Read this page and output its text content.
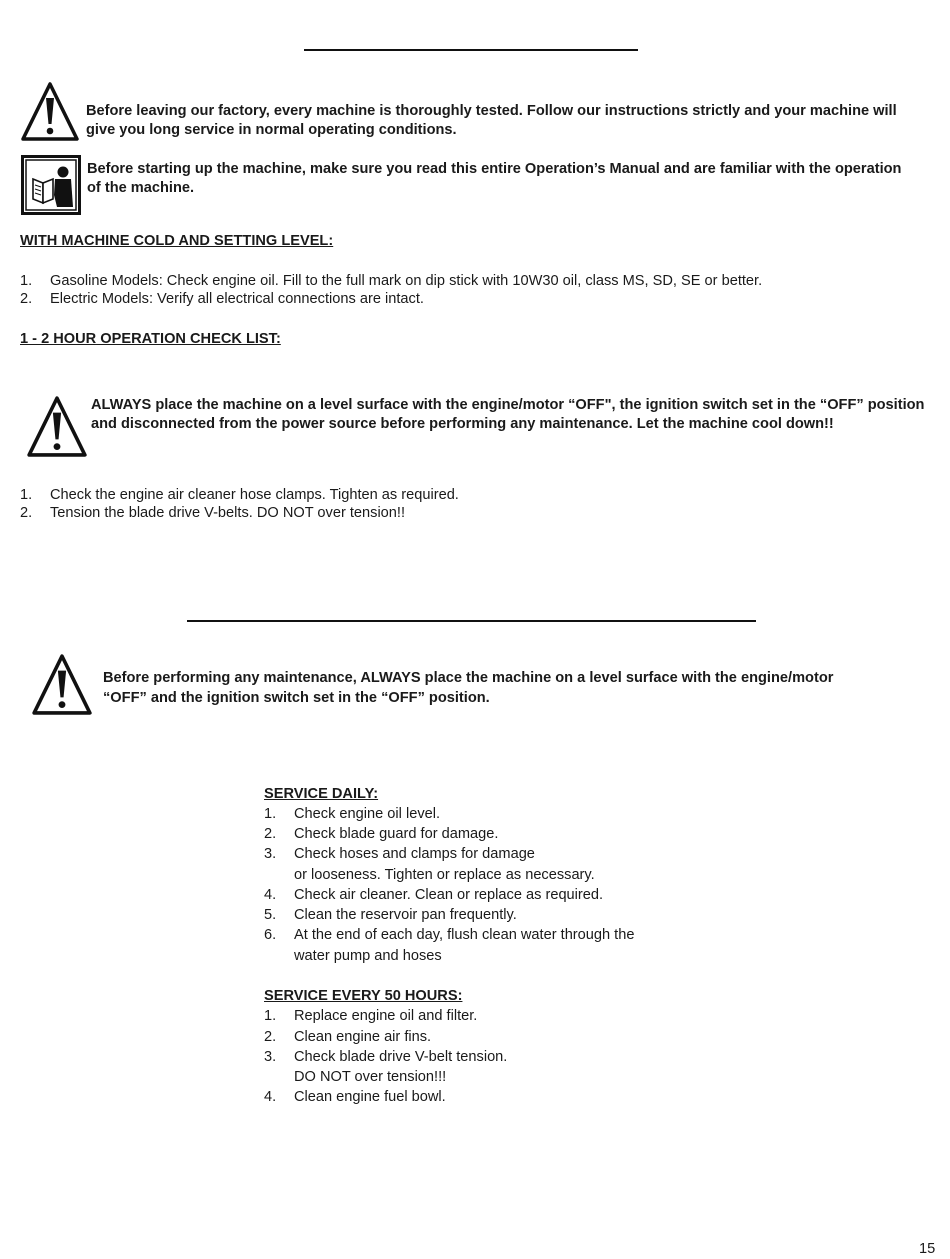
Before leaving our factory, every machine is thoroughly tested. Follow our instructions strictly and your machine will give you long service in normal operating conditions.
Before starting up the machine, make sure you read this entire Operation’s Manual and are familiar with the operation of the machine.
WITH MACHINE COLD AND SETTING LEVEL:
1. Gasoline Models: Check engine oil. Fill to the full mark on dip stick with 10W30 oil, class MS, SD, SE or better.
2. Electric Models: Verify all electrical connections are intact.
1 - 2 HOUR OPERATION CHECK LIST:
ALWAYS place the machine on a level surface with the engine/motor “OFF", the ignition switch set in the “OFF” position and disconnected from the power source before performing any maintenance. Let the machine cool down!!
1. Check the engine air cleaner hose clamps. Tighten as required.
2. Tension the blade drive V-belts. DO NOT over tension!!
Before performing any maintenance, ALWAYS place the machine on a level surface with the engine/motor “OFF” and the ignition switch set in the “OFF” position.
SERVICE DAILY:
1. Check engine oil level.
2. Check blade guard for damage.
3. Check hoses and clamps for damage
or looseness. Tighten or replace as necessary.
4. Check air cleaner. Clean or replace as required.
5. Clean the reservoir pan frequently.
6. At the end of each day, flush clean water through the
water pump and hoses
SERVICE EVERY 50 HOURS:
1. Replace engine oil and filter.
2. Clean engine air fins.
3. Check blade drive V-belt tension.
DO NOT over tension!!!
4. Clean engine fuel bowl.
15
